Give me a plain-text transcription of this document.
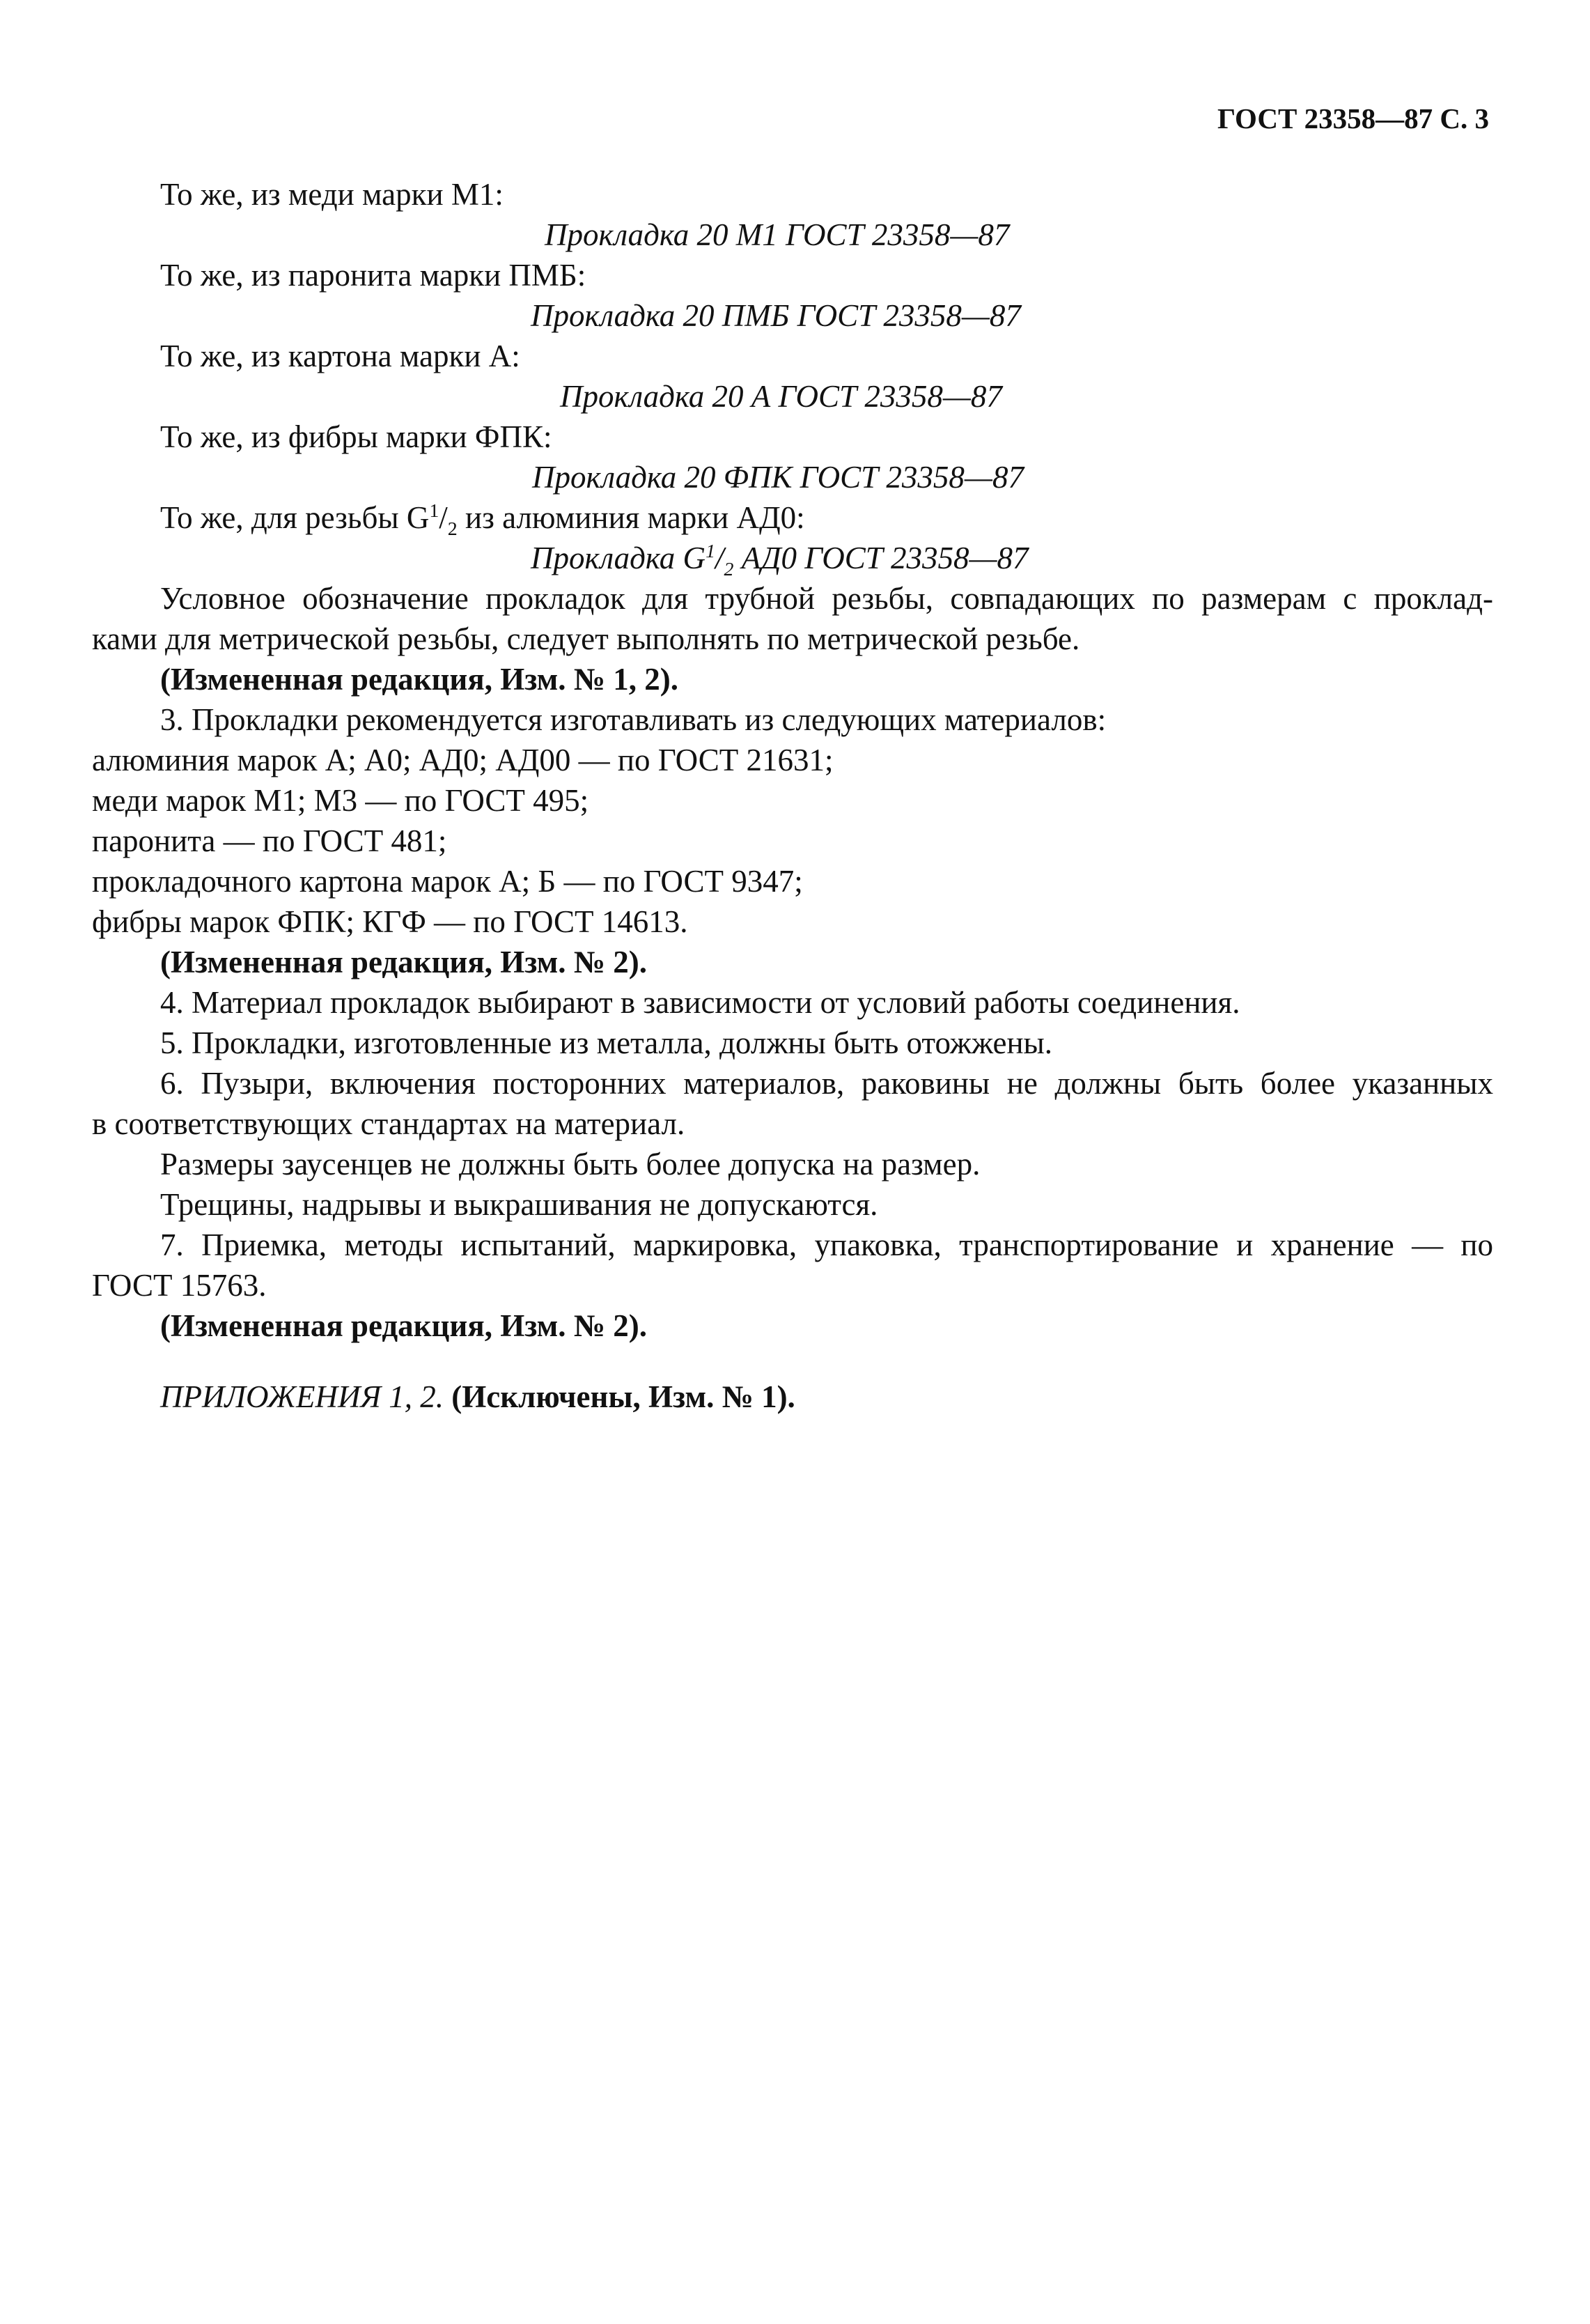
ГОСТ 23358—87 С. 3
То же, из меди марки М1:
Прокладка 20 М1 ГОСТ 23358—87
То же, из паронита марки ПМБ:
Прокладка 20 ПМБ ГОСТ 23358—87
То же, из картона марки А:
Прокладка 20 А ГОСТ 23358—87
То же, из фибры марки ФПК:
Прокладка 20 ФПК ГОСТ 23358—87
То же, для резьбы $G^1/_2$ из алюминия марки АД0:
Прокладка $G^1/_2$ АД0 ГОСТ 23358—87
Условное обозначение прокладок для трубной резьбы, совпадающих по размерам с проклад-
ками для метрической резьбы, следует выполнять по метрической резьбе.
(Измененная редакция, Изм. № 1, 2).
3. Прокладки рекомендуется изготавливать из следующих материалов:
алюминия марок А; А0; АД0; АД00 — по ГОСТ 21631;
меди марок М1; М3 — по ГОСТ 495;
паронита — по ГОСТ 481;
прокладочного картона марок А; Б — по ГОСТ 9347;
фибры марок ФПК; КГФ — по ГОСТ 14613.
(Измененная редакция, Изм. № 2).
4. Материал прокладок выбирают в зависимости от условий работы соединения.
5. Прокладки, изготовленные из металла, должны быть отожжены.
6. Пузыри, включения посторонних материалов, раковины не должны быть более указанных
в соответствующих стандартах на материал.
Размеры заусенцев не должны быть более допуска на размер.
Трещины, надрывы и выкрашивания не допускаются.
7. Приемка, методы испытаний, маркировка, упаковка, транспортирование и хранение — по
ГОСТ 15763.
(Измененная редакция, Изм. № 2).
ПРИЛОЖЕНИЯ 1, 2. (Исключены, Изм. № 1).
